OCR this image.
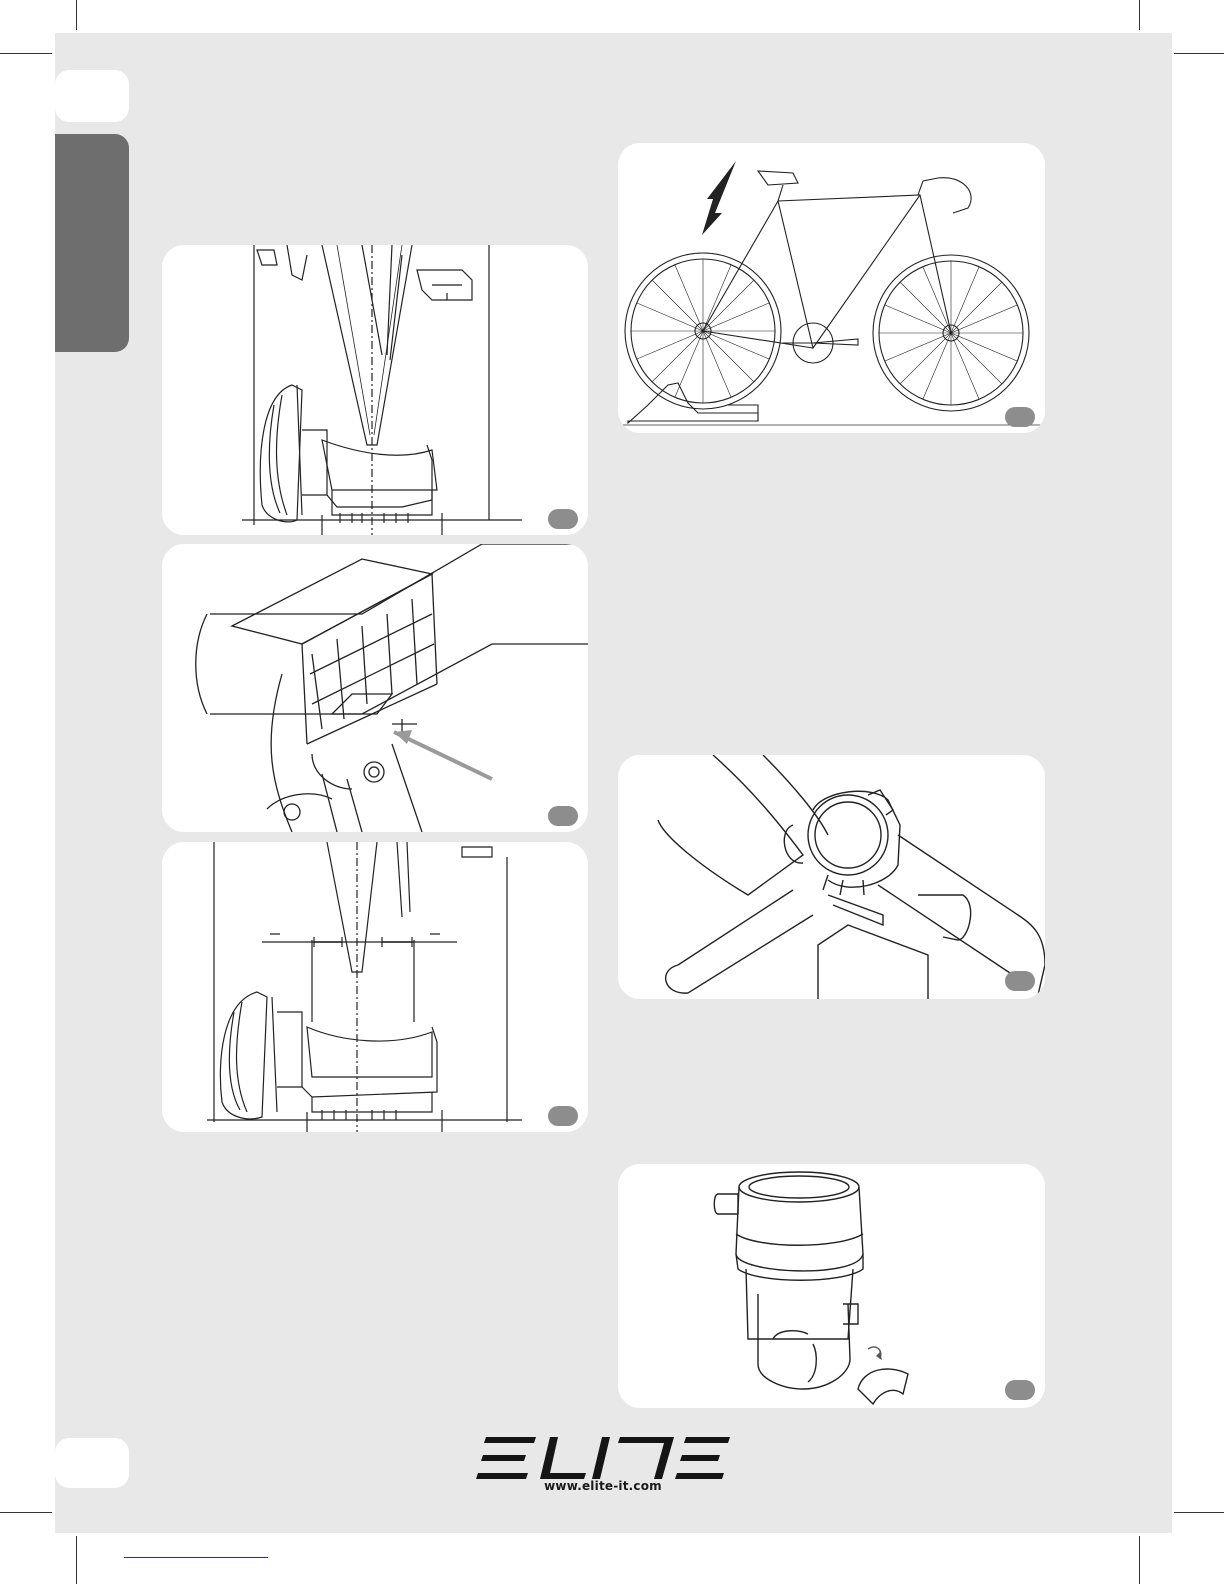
www.elite-it.com
